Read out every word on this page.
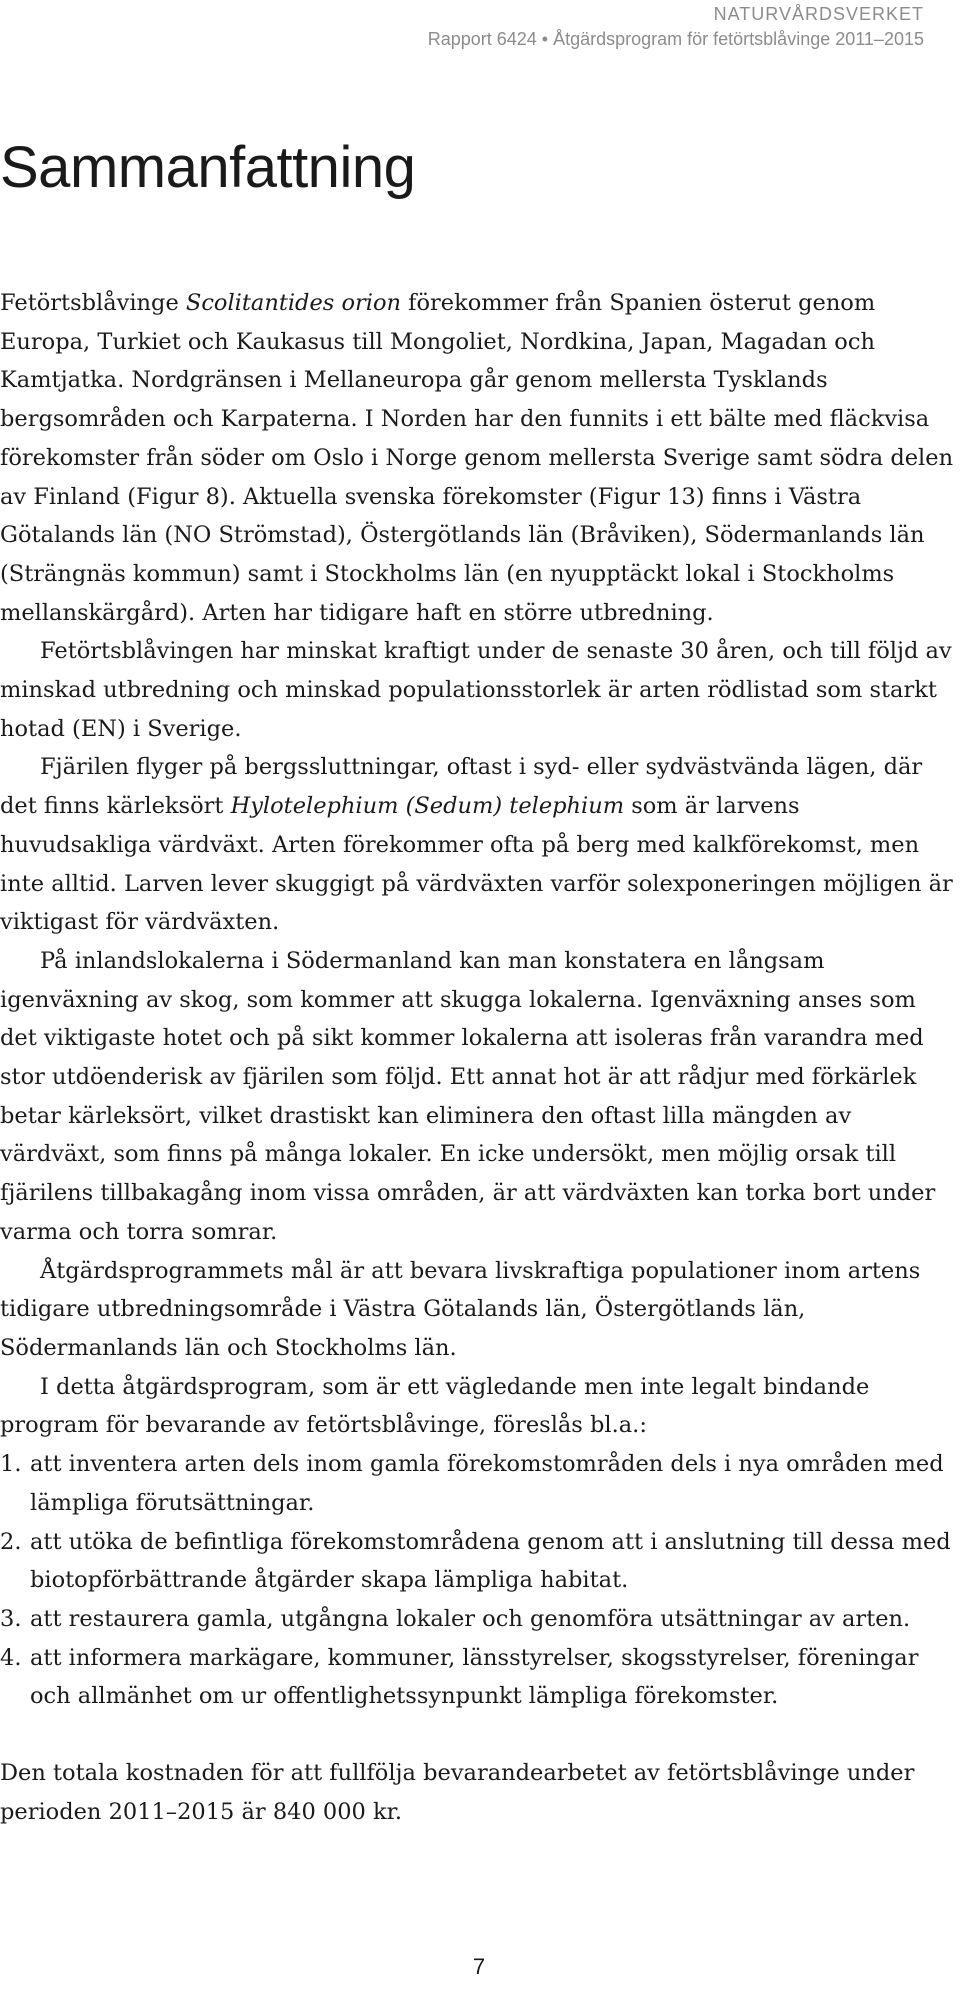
NATURVÅRDSVERKET
Rapport 6424 • Åtgärdsprogram för fetörtsblåvinge 2011–2015
Sammanfattning

Fetörtsblåvinge Scolitantides orion förekommer från Spanien österut genom Europa, Turkiet och Kaukasus till Mongoliet, Nordkina, Japan, Magadan och Kamtjatka. Nordgränsen i Mellaneuropa går genom mellersta Tysklands bergsområden och Karpaterna. I Norden har den funnits i ett bälte med fläckvisa förekomster från söder om Oslo i Norge genom mellersta Sverige samt södra delen av Finland (Figur 8). Aktuella svenska förekomster (Figur 13) finns i Västra Götalands län (NO Strömstad), Östergötlands län (Bråviken), Södermanlands län (Strängnäs kommun) samt i Stockholms län (en nyupptäckt lokal i Stockholms mellanskärgård). Arten har tidigare haft en större utbredning.

Fetörtsblåvingen har minskat kraftigt under de senaste 30 åren, och till följd av minskad utbredning och minskad populationsstorlek är arten rödlistad som starkt hotad (EN) i Sverige.

Fjärilen flyger på bergssluttningar, oftast i syd- eller sydvästvända lägen, där det finns kärleksört Hylotelephium (Sedum) telephium som är larvens huvudsakliga värdväxt. Arten förekommer ofta på berg med kalkförekomst, men inte alltid. Larven lever skuggigt på värdväxten varför solexponeringen möjligen är viktigast för värdväxten.

På inlandslokalerna i Södermanland kan man konstatera en långsam igenväxning av skog, som kommer att skugga lokalerna. Igenväxning anses som det viktigaste hotet och på sikt kommer lokalerna att isoleras från varandra med stor utdöenderisk av fjärilen som följd. Ett annat hot är att rådjur med förkärlek betar kärleksört, vilket drastiskt kan eliminera den oftast lilla mängden av värdväxt, som finns på många lokaler. En icke undersökt, men möjlig orsak till fjärilens tillbakagång inom vissa områden, är att värdväxten kan torka bort under varma och torra somrar.

Åtgärdsprogrammets mål är att bevara livskraftiga populationer inom artens tidigare utbredningsområde i Västra Götalands län, Östergötlands län, Södermanlands län och Stockholms län.

I detta åtgärdsprogram, som är ett vägledande men inte legalt bindande program för bevarande av fetörtsblåvinge, föreslås bl.a.:

1. att inventera arten dels inom gamla förekomstområden dels i nya områden med lämpliga förutsättningar.
2. att utöka de befintliga förekomstområdena genom att i anslutning till dessa med biotopförbättrande åtgärder skapa lämpliga habitat.
3. att restaurera gamla, utgångna lokaler och genomföra utsättningar av arten.
4. att informera markägare, kommuner, länsstyrelser, skogsstyrelser, föreningar och allmänhet om ur offentlighetssynpunkt lämpliga förekomster.

Den totala kostnaden för att fullfölja bevarandearbetet av fetörtsblåvinge under perioden 2011–2015 är 840 000 kr.

7
